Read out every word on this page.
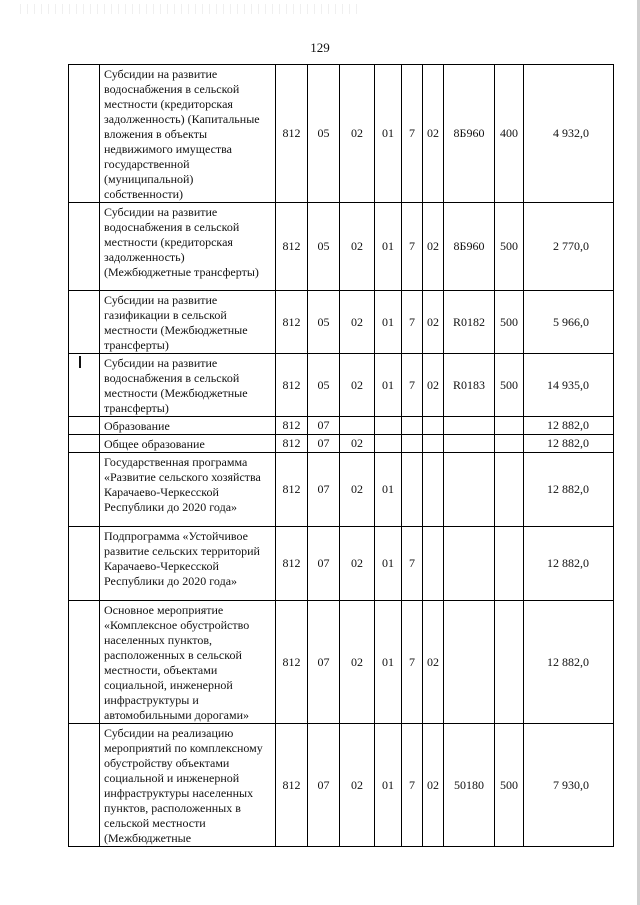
129
	Субсидии на развитие водоснабжения в сельской местности (кредиторская задолженность) (Капитальные вложения в объекты недвижимого имущества государственной (муниципальной) собственности)	812	05	02	01	7	02	8Б960	400	4 932,0
	Субсидии на развитие водоснабжения в сельской местности (кредиторская задолженность) (Межбюджетные трансферты)	812	05	02	01	7	02	8Б960	500	2 770,0
	Субсидии на развитие газификации в сельской местности (Межбюджетные трансферты)	812	05	02	01	7	02	R0182	500	5 966,0

	Субсидии на развитие водоснабжения в сельской местности (Межбюджетные трансферты)	812	05	02	01	7	02	R0183	500	14 935,0
	Образование	812	07							12 882,0
	Общее образование	812	07	02						12 882,0
	Государственная программа «Развитие сельского хозяйства Карачаево-Черкесской Республики до 2020 года»	812	07	02	01					12 882,0
	Подпрограмма «Устойчивое развитие сельских территорий Карачаево-Черкесской Республики до 2020 года»	812	07	02	01	7				12 882,0
	Основное мероприятие «Комплексное обустройство населенных пунктов, расположенных в сельской местности, объектами социальной, инженерной инфраструктуры и автомобильными дорогами»	812	07	02	01	7	02			12 882,0
	Субсидии на реализацию мероприятий по комплексному обустройству объектами социальной и инженерной инфраструктуры населенных пунктов, расположенных в сельской местности (Межбюджетные	812	07	02	01	7	02	50180	500	7 930,0
